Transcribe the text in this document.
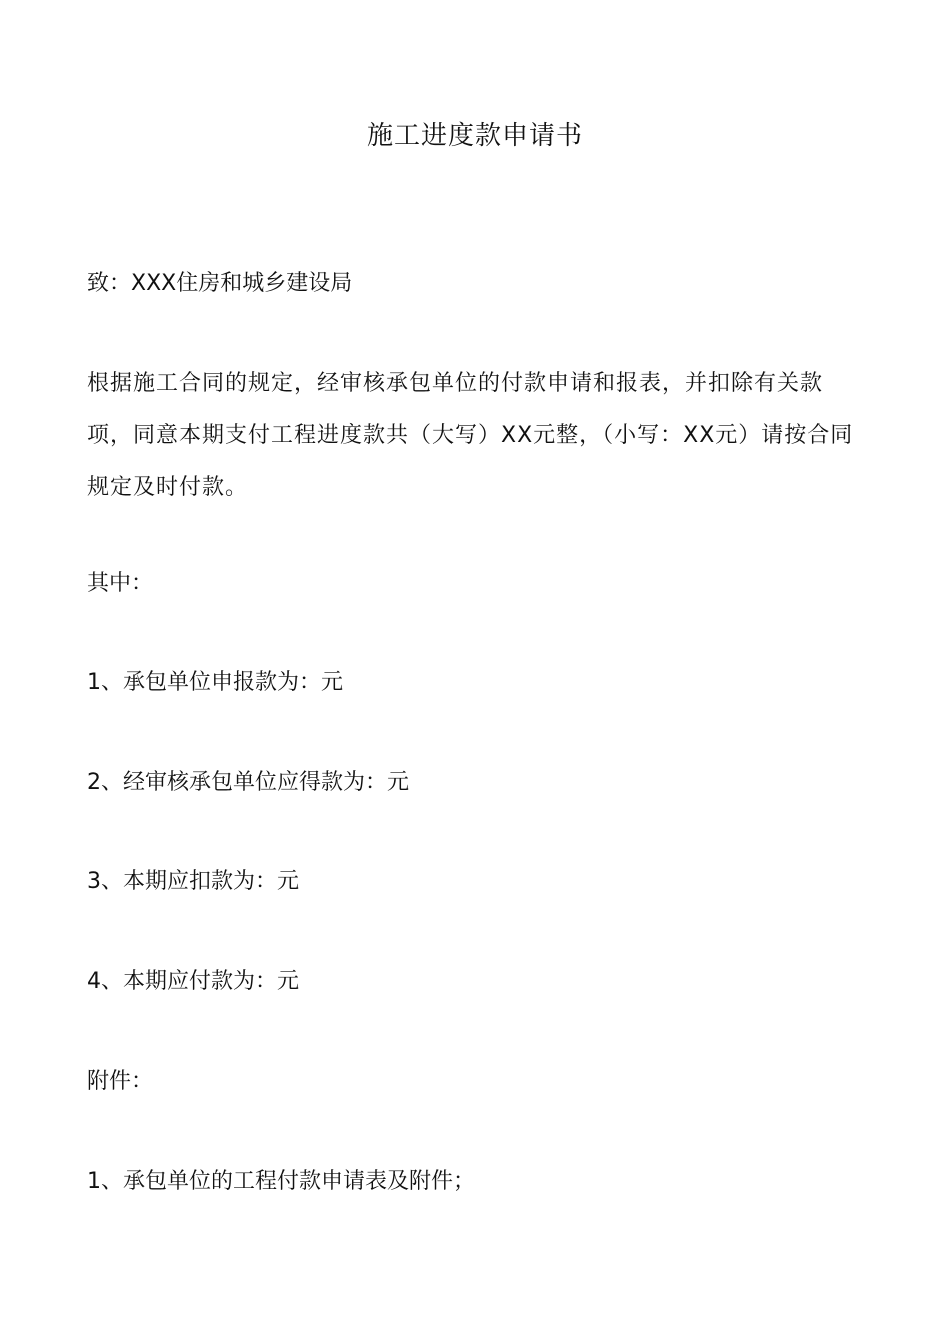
施工进度款申请书
致：XXX住房和城乡建设局
根据施工合同的规定，经审核承包单位的付款申请和报表，并扣除有关款项，同意本期支付工程进度款共（大写）XX元整，（小写：XX元）请按合同规定及时付款。
其中：
1、承包单位申报款为：元
2、经审核承包单位应得款为：元
3、本期应扣款为：元
4、本期应付款为：元
附件：
1、承包单位的工程付款申请表及附件；
